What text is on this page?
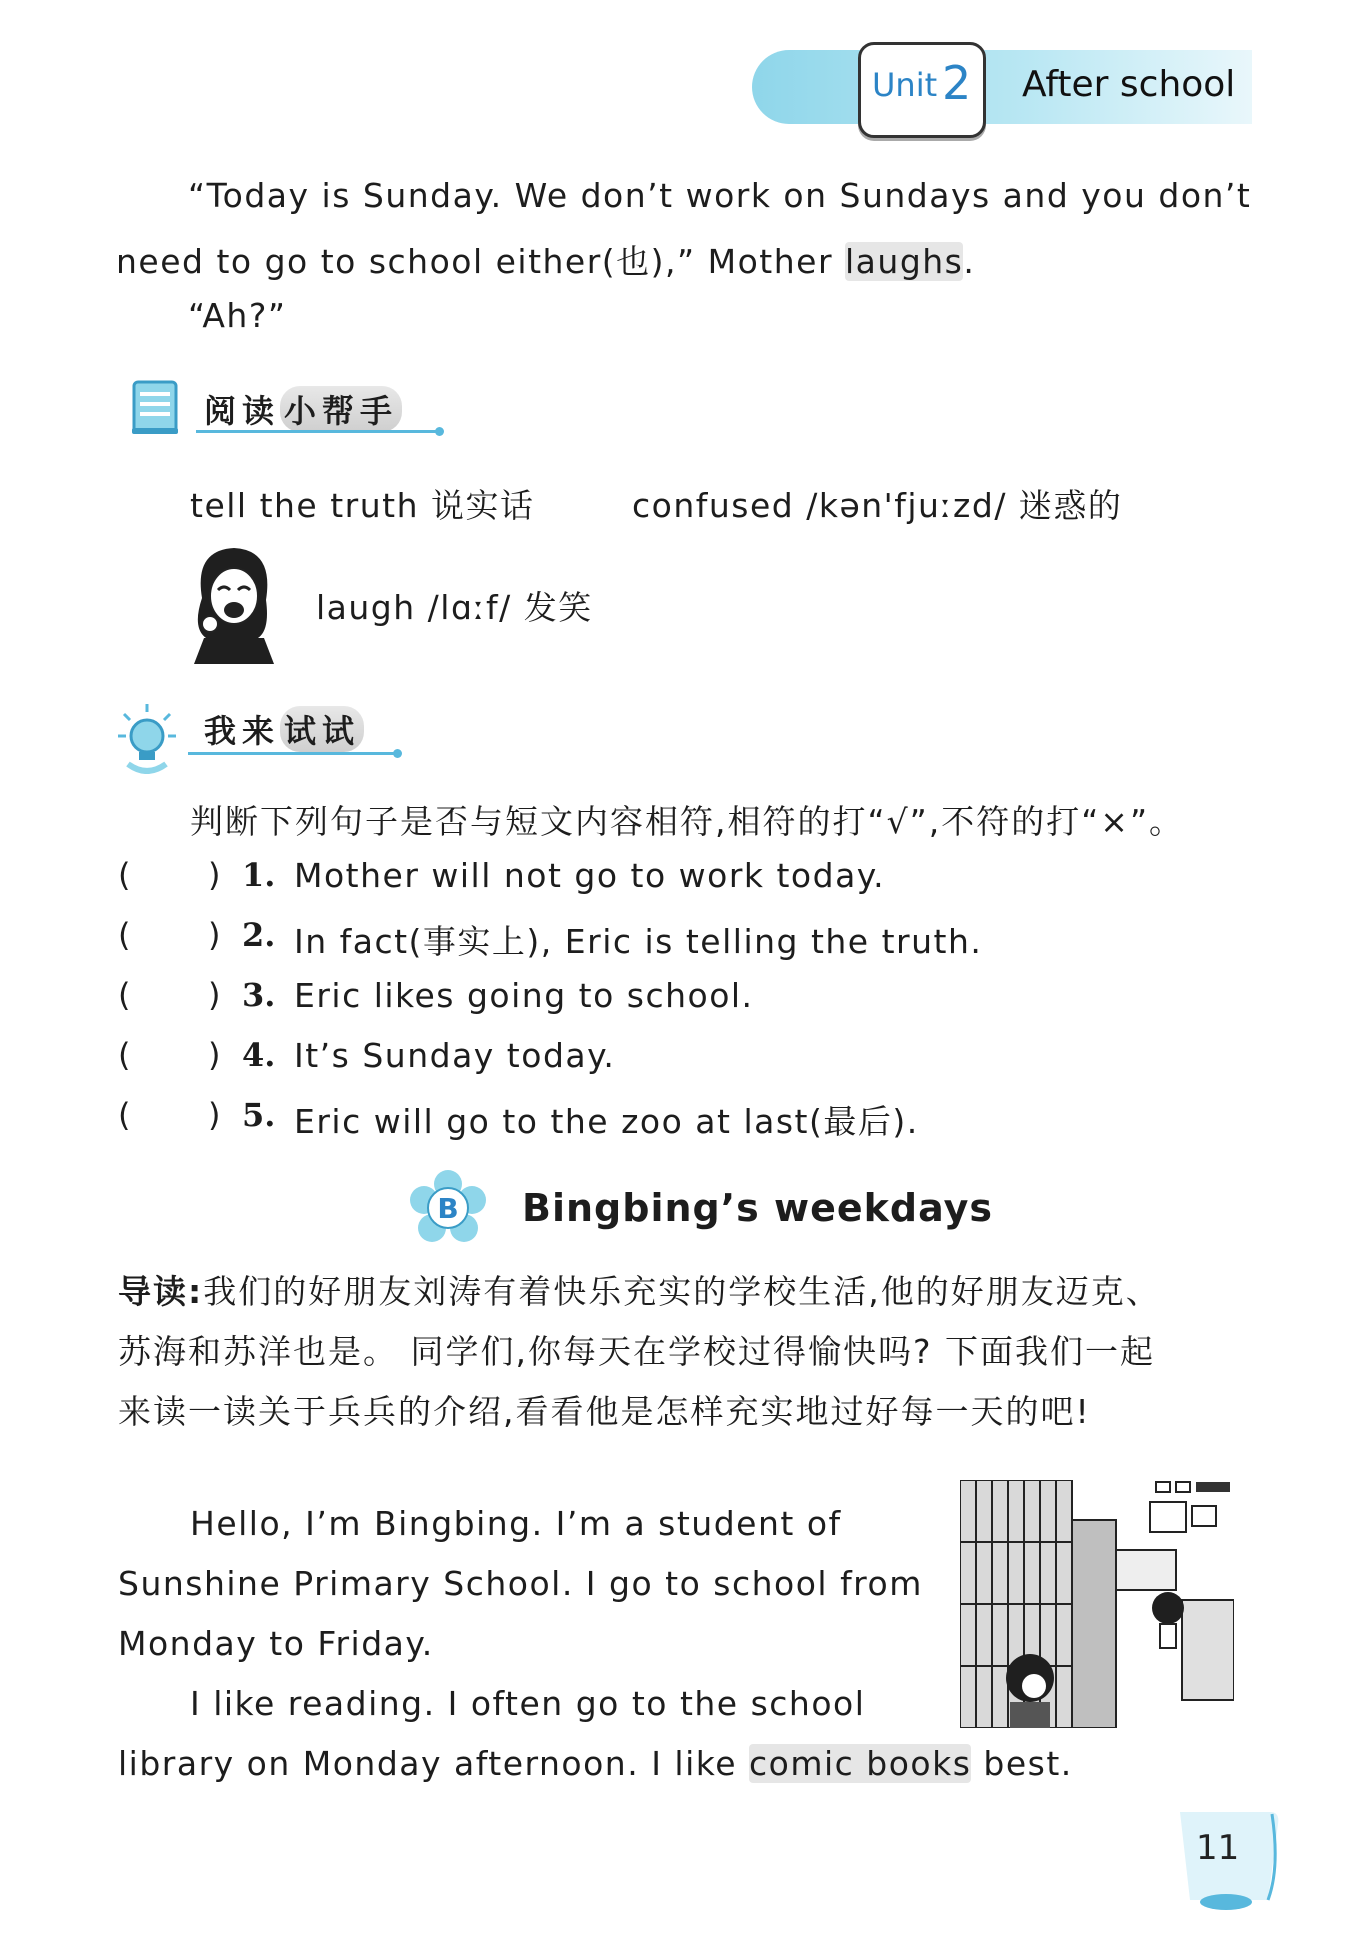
Unit 2 After school
“Today is Sunday. We don’t work on Sundays and you don’t
need to go to school either(也),” Mother laughs.
“Ah?”
阅读 小帮手
tell the truth 说实话	confused /kən'fjuːzd/ 迷惑的
laugh /lɑːf/ 发笑
我来 试试
判断下列句子是否与短文内容相符,相符的打“√”,不符的打“×”。
( ) 1. Mother will not go to work today.
( ) 2. In fact(事实上), Eric is telling the truth.
( ) 3. Eric likes going to school.
( ) 4. It’s Sunday today.
( ) 5. Eric will go to the zoo at last(最后).
B Bingbing’s weekdays
导读:我们的好朋友刘涛有着快乐充实的学校生活,他的好朋友迈克、
苏海和苏洋也是。 同学们,你每天在学校过得愉快吗? 下面我们一起
来读一读关于兵兵的介绍,看看他是怎样充实地过好每一天的吧!
Hello, I’m Bingbing. I’m a student of
Sunshine Primary School. I go to school from
Monday to Friday.
I like reading. I often go to the school
library on Monday afternoon. I like comic books best.
11
